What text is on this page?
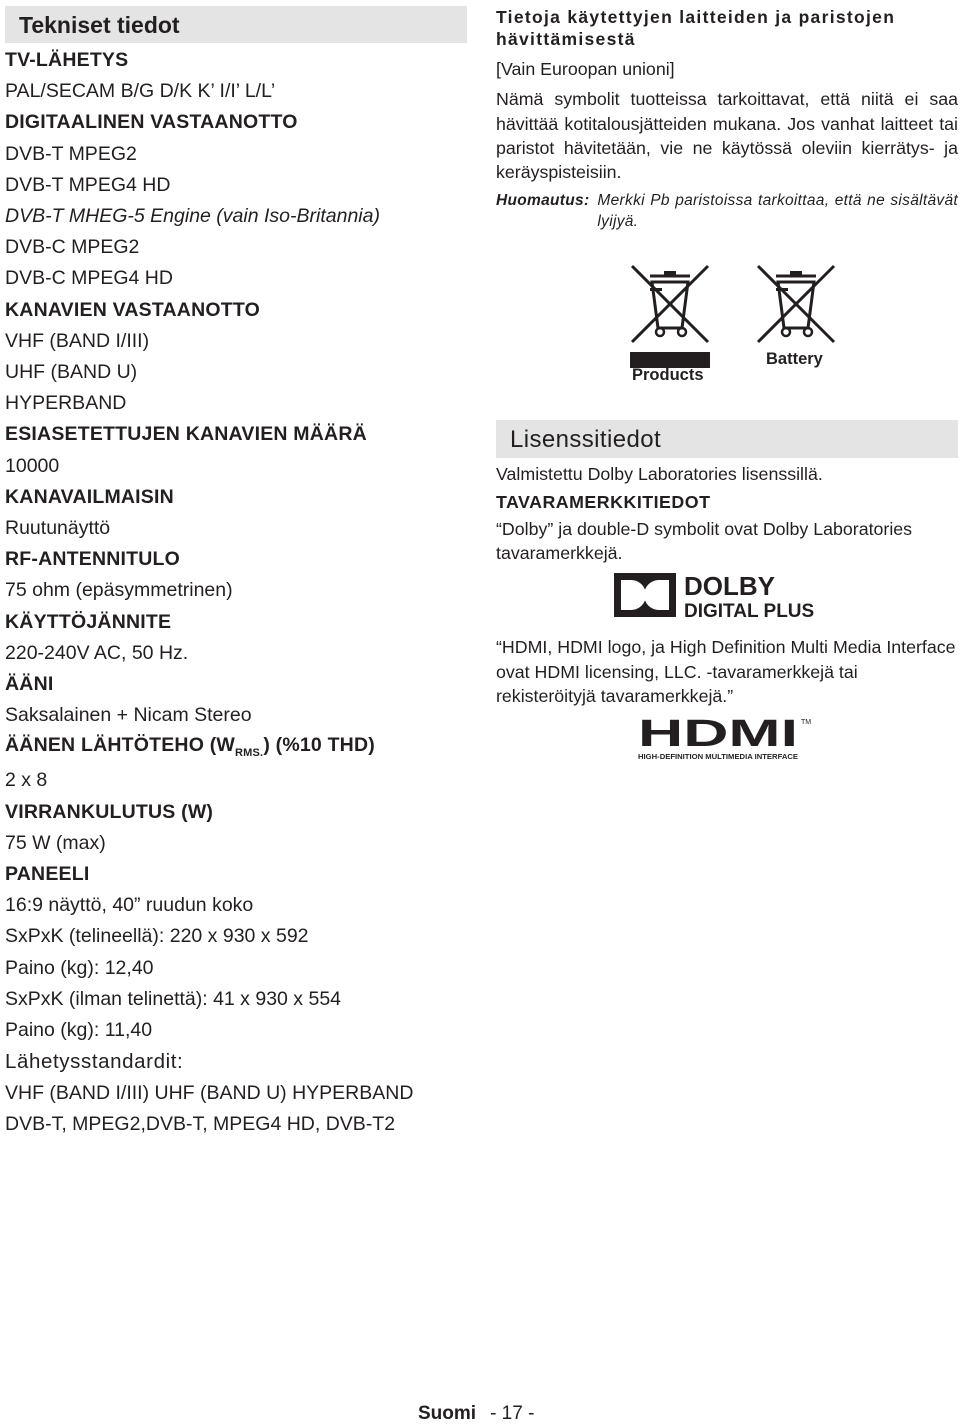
Tekniset tiedot
TV-LÄHETYS
PAL/SECAM B/G D/K K’ I/I’ L/L’
DIGITAALINEN VASTAANOTTO
DVB-T MPEG2
DVB-T MPEG4 HD
DVB-T MHEG-5 Engine (vain Iso-Britannia)
DVB-C MPEG2
DVB-C MPEG4 HD
KANAVIEN VASTAANOTTO
VHF (BAND I/III)
UHF (BAND U)
HYPERBAND
ESIASETETTUJEN KANAVIEN MÄÄRÄ
10000
KANAVAILMAISIN
Ruutunäyttö
RF-ANTENNITULO
75 ohm (epäsymmetrinen)
KÄYTTÖJÄNNITE
220-240V AC, 50 Hz.
ÄÄNI
Saksalainen + Nicam Stereo
ÄÄNEN LÄHTÖTEHO $(W_{RMS.})$ (%10 THD)
2 x 8
VIRRANKULUTUS (W)
75 W (max)
PANEELI
16:9 näyttö, 40” ruudun koko
SxPxK (telineellä): 220 x 930 x 592
Paino (kg): 12,40
SxPxK (ilman telinettä): 41 x 930 x 554
Paino (kg): 11,40
Lähetysstandardit:
VHF (BAND I/III) UHF (BAND U) HYPERBAND
DVB-T, MPEG2,DVB-T, MPEG4 HD, DVB-T2
Tietoja käytettyjen laitteiden ja paristojen hävittämisestä
[Vain Euroopan unioni]
Nämä symbolit tuotteissa tarkoittavat, että niitä ei saa hävittää kotitalousjätteiden mukana. Jos vanhat laitteet tai paristot hävitetään, vie ne käytössä oleviin kierrätys- ja keräyspisteisiin.
Huomautus: Merkki Pb paristoissa tarkoittaa, että ne sisältävät lyijyä.
Products
Battery
Lisenssitiedot
Valmistettu Dolby Laboratories lisenssillä.
TAVARAMERKKITIEDOT
“Dolby” ja double-D symbolit ovat Dolby Laboratories tavaramerkkejä.
DOLBY
DIGITAL PLUS
“HDMI, HDMI logo, ja High Definition Multi Media Interface ovat HDMI licensing, LLC. -tavaramerkkejä tai rekisteröityjä tavaramerkkejä.”
HDMI TM
HIGH-DEFINITION MULTIMEDIA INTERFACE
Suomi - 17 -
